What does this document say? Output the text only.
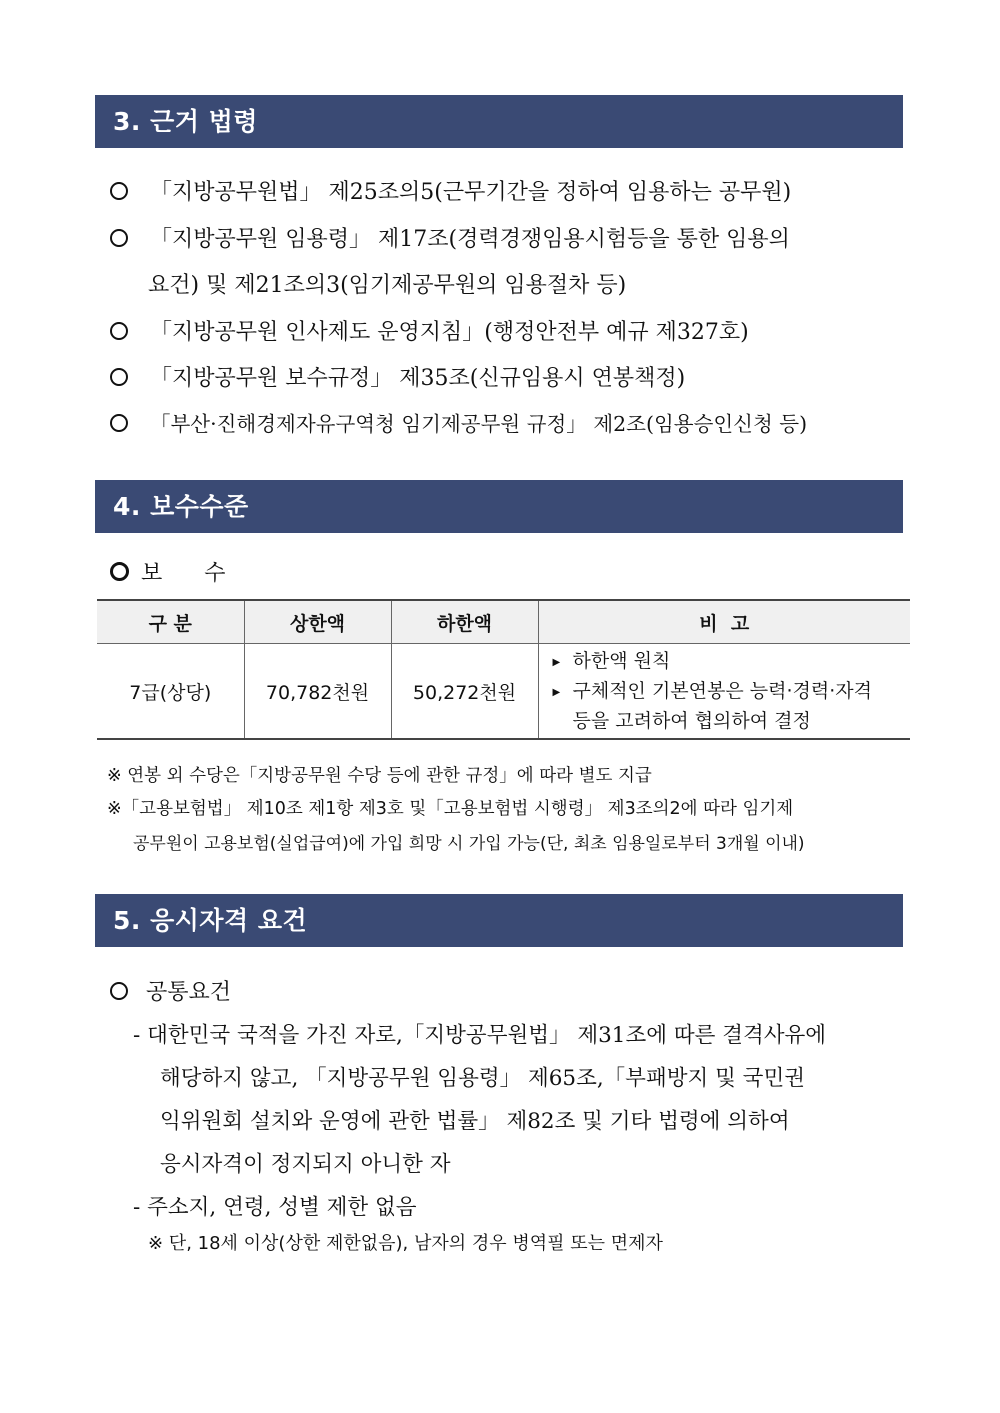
3. 근거 법령
「지방공무원법」 제25조의5(근무기간을 정하여 임용하는 공무원)
「지방공무원 임용령」 제17조(경력경쟁임용시험등을 통한 임용의
요건) 및 제21조의3(임기제공무원의 임용절차 등)
「지방공무원 인사제도 운영지침」(행정안전부 예규 제327호)
「지방공무원 보수규정」 제35조(신규임용시 연봉책정)
「부산·진해경제자유구역청 임기제공무원 규정」 제2조(임용승인신청 등)
4. 보수수준
보      수
구 분	상한액	하한액	비  고
7급(상당)	70,782천원	50,272천원	▶ 하한액 원칙
▶ 구체적인 기본연봉은 능력·경력·자격
등을 고려하여 협의하여 결정
※ 연봉 외 수당은「지방공무원 수당 등에 관한 규정」에 따라 별도 지급
※「고용보험법」 제10조 제1항 제3호 및「고용보험법 시행령」 제3조의2에 따라 임기제
공무원이 고용보험(실업급여)에 가입 희망 시 가입 가능(단, 최초 임용일로부터 3개월 이내)
5. 응시자격 요건
공통요건
- 대한민국 국적을 가진 자로,「지방공무원법」 제31조에 따른 결격사유에
해당하지 않고, 「지방공무원 임용령」 제65조,「부패방지 및 국민권
익위원회 설치와 운영에 관한 법률」 제82조 및 기타 법령에 의하여
응시자격이 정지되지 아니한 자
- 주소지, 연령, 성별 제한 없음
※ 단, 18세 이상(상한 제한없음), 남자의 경우 병역필 또는 면제자
